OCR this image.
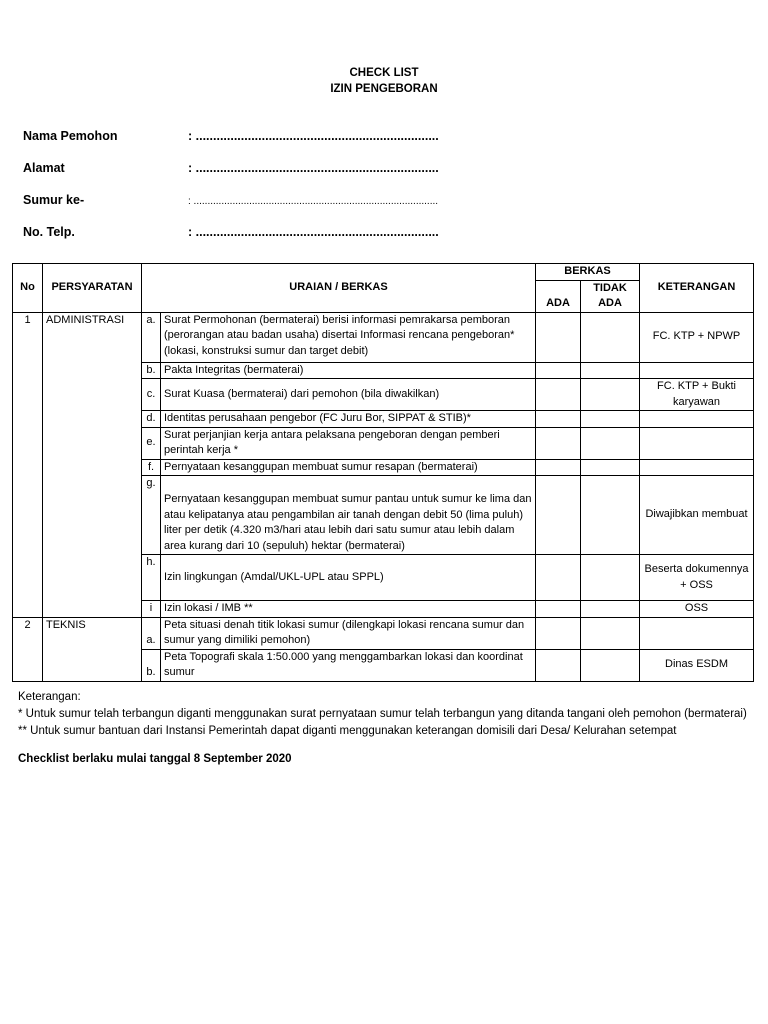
CHECK LIST
IZIN PENGEBORAN
Nama Pemohon	: ......................................................................
Alamat	: ......................................................................
Sumur ke-	: ........................................................................................
No. Telp.	: ......................................................................
No	PERSYARATAN	URAIAN / BERKAS		BERKAS		KETERANGAN
				ADA	TIDAK ADA	
1	ADMINISTRASI	a.	Surat Permohonan (bermaterai) berisi informasi pemrakarsa pemboran (perorangan atau badan usaha) disertai Informasi rencana pengeboran* (lokasi, konstruksi sumur dan target debit)			FC. KTP + NPWP
		b.	Pakta Integritas (bermaterai)			
		c.	Surat Kuasa (bermaterai) dari pemohon (bila diwakilkan)			FC. KTP + Bukti karyawan
		d.	Identitas perusahaan pengebor (FC Juru Bor, SIPPAT & STIB)*			
		e.	Surat perjanjian kerja antara pelaksana pengeboran dengan pemberi perintah kerja *			
		f.	Pernyataan kesanggupan membuat sumur resapan (bermaterai)			
		g.	Pernyataan kesanggupan membuat sumur pantau untuk sumur ke lima dan atau kelipatanya atau pengambilan air tanah dengan debit 50 (lima puluh) liter per detik (4.320 m3/hari atau lebih dari satu sumur atau lebih dalam area kurang dari 10 (sepuluh) hektar (bermaterai)			Diwajibkan membuat
		h.	Izin lingkungan (Amdal/UKL-UPL atau SPPL)			Beserta dokumennya + OSS
		i	Izin lokasi / IMB **			OSS
2	TEKNIS	a.	Peta situasi denah titik lokasi sumur (dilengkapi lokasi rencana sumur dan sumur yang dimiliki pemohon)			
		b.	Peta Topografi skala 1:50.000 yang menggambarkan lokasi dan koordinat sumur			Dinas ESDM
Keterangan:
* Untuk sumur telah terbangun diganti menggunakan surat pernyataan sumur telah terbangun yang ditanda tangani oleh pemohon (bermaterai)
** Untuk sumur bantuan dari Instansi Pemerintah dapat diganti menggunakan keterangan domisili dari Desa/ Kelurahan setempat
Checklist berlaku mulai tanggal 8 September 2020
